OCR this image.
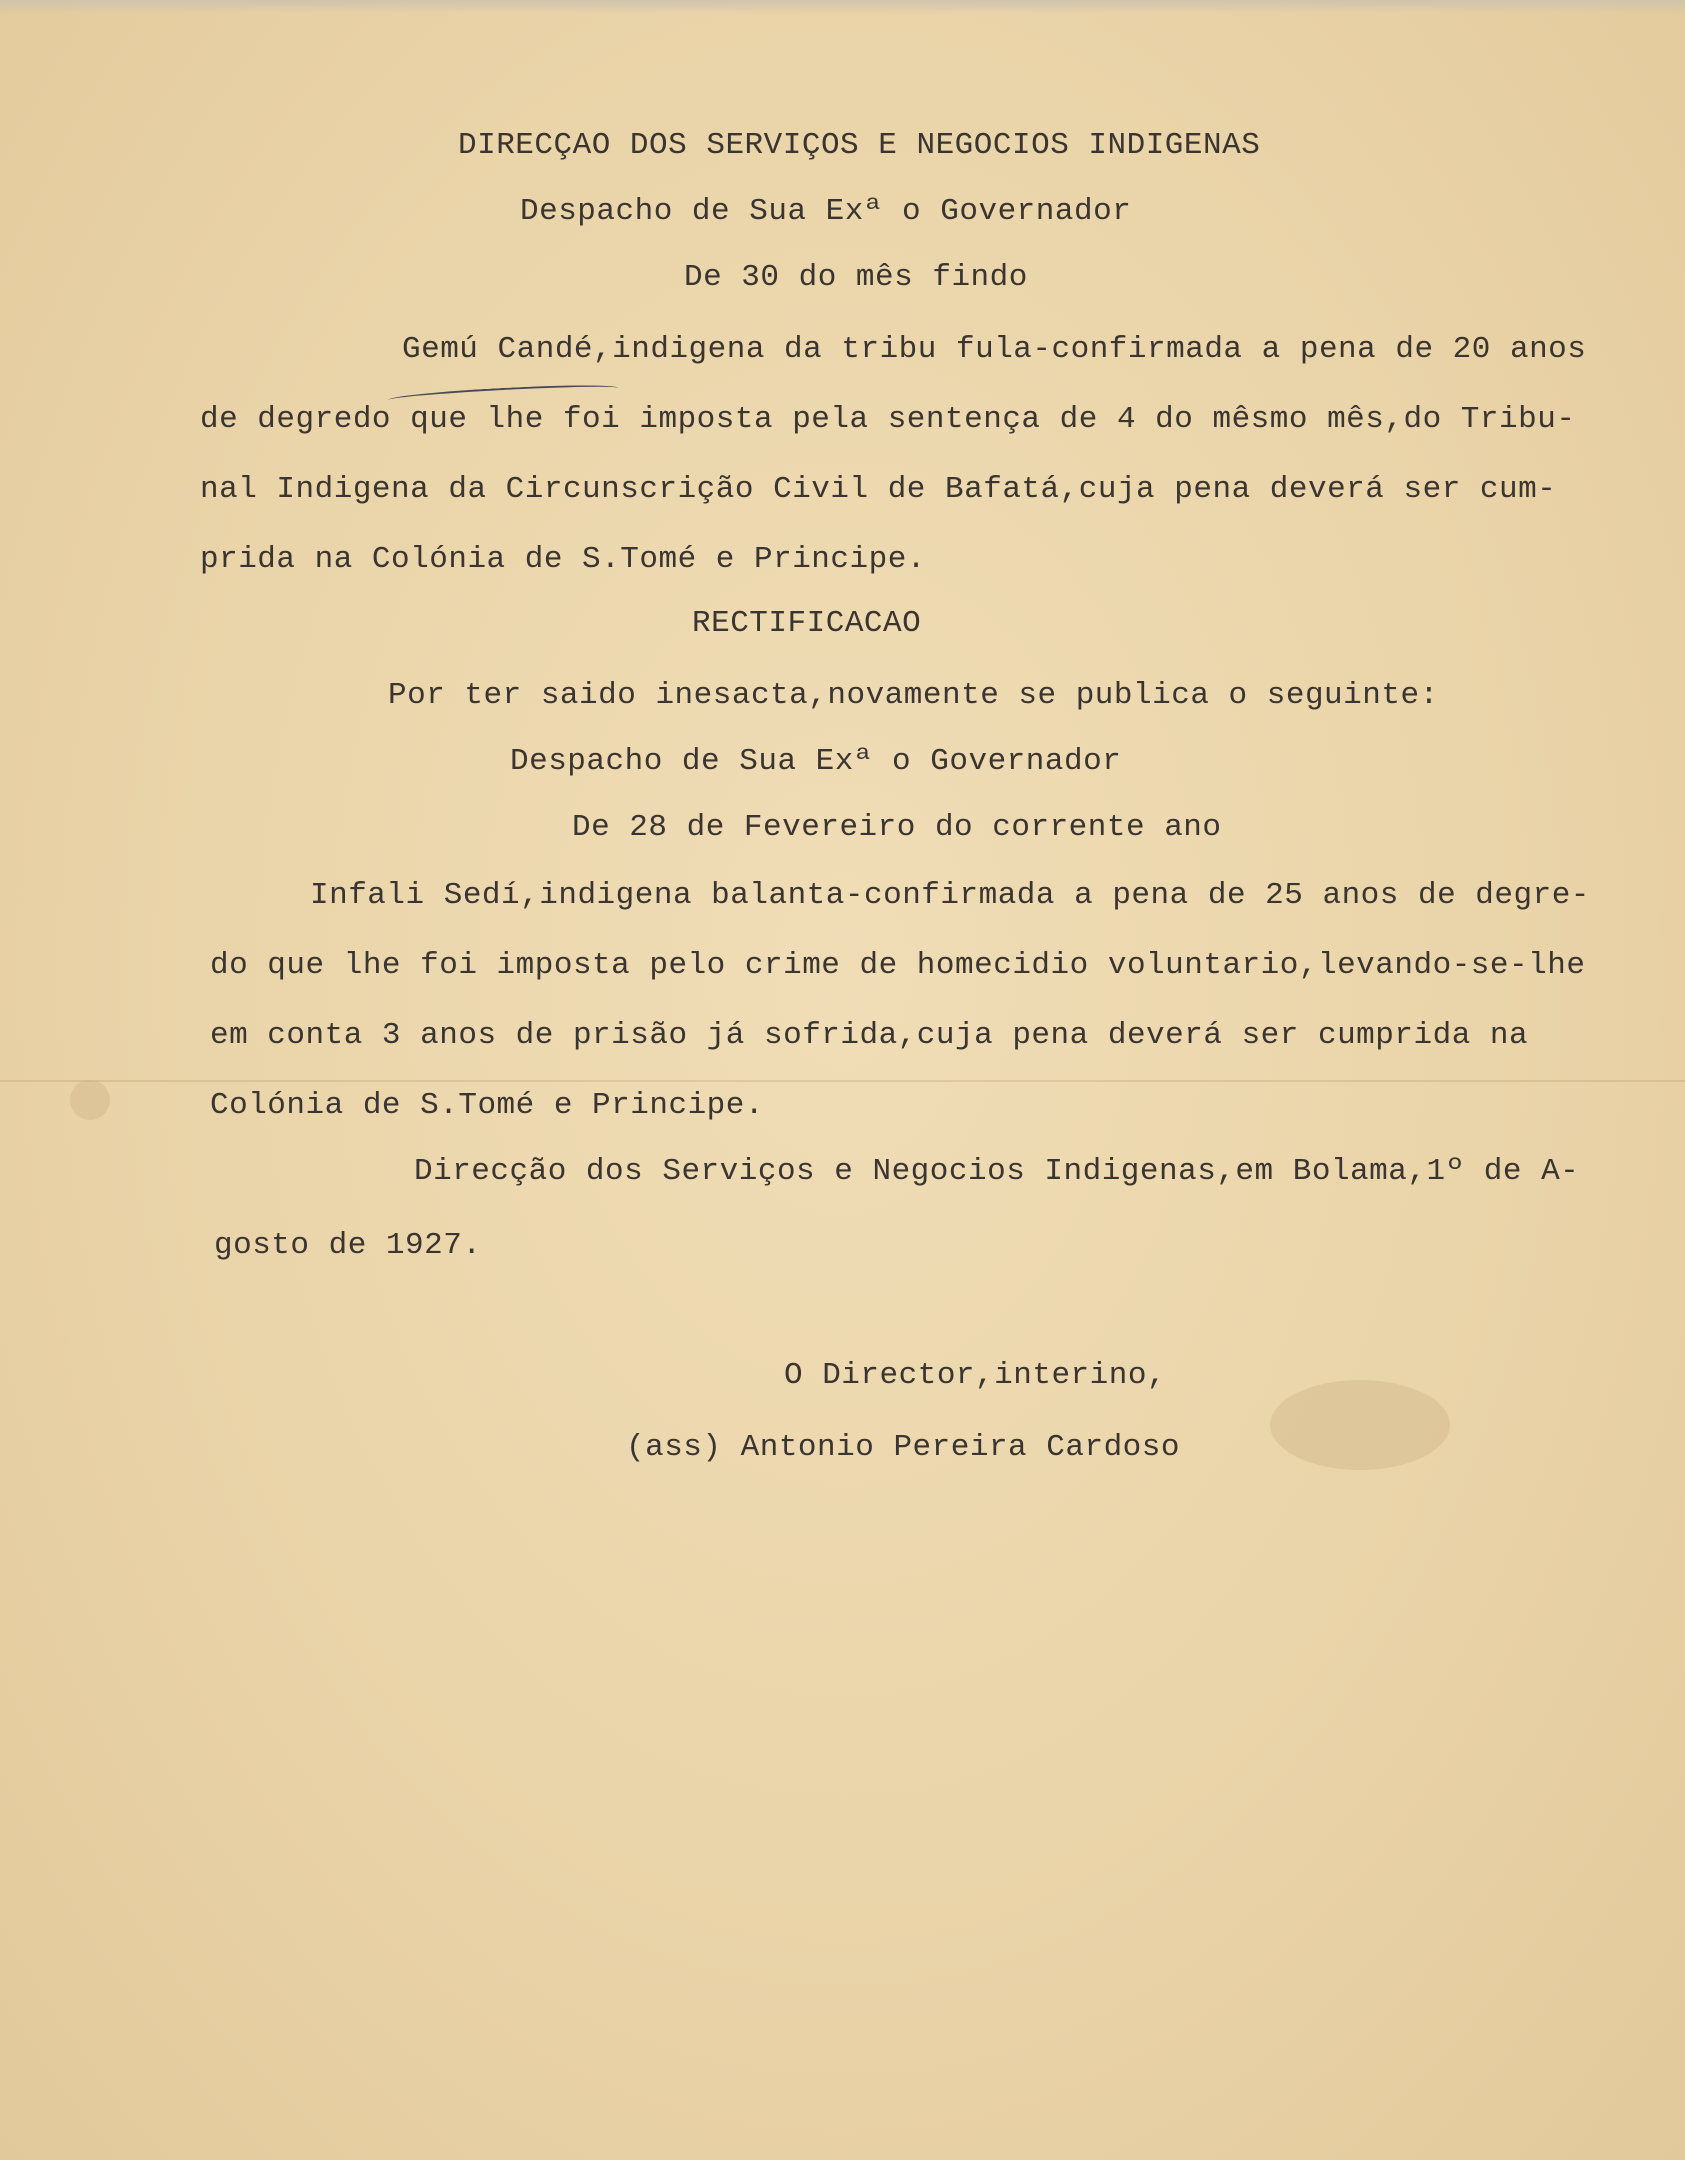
DIRECÇAO DOS SERVIÇOS E NEGOCIOS INDIGENAS
Despacho de Sua Exª o Governador
De 30 do mês findo
Gemú Candé,indigena da tribu fula-confirmada a pena de 20 anos
de degredo que lhe foi imposta pela sentença de 4 do mêsmo mês,do Tribu-
nal Indigena da Circunscrição Civil de Bafatá,cuja pena deverá ser cum-
prida na Colónia de S.Tomé e Principe.
RECTIFICACAO
Por ter saido inesacta,novamente se publica o seguinte:
Despacho de Sua Exª o Governador
De 28 de Fevereiro do corrente ano
Infali Sedí,indigena balanta-confirmada a pena de 25 anos de degre-
do que lhe foi imposta pelo crime de homecidio voluntario,levando-se-lhe
em conta 3 anos de prisão já sofrida,cuja pena deverá ser cumprida na
Colónia de S.Tomé e Principe.
Direcção dos Serviços e Negocios Indigenas,em Bolama,1º de A-
gosto de 1927.
O Director,interino,
(ass) Antonio Pereira Cardoso
